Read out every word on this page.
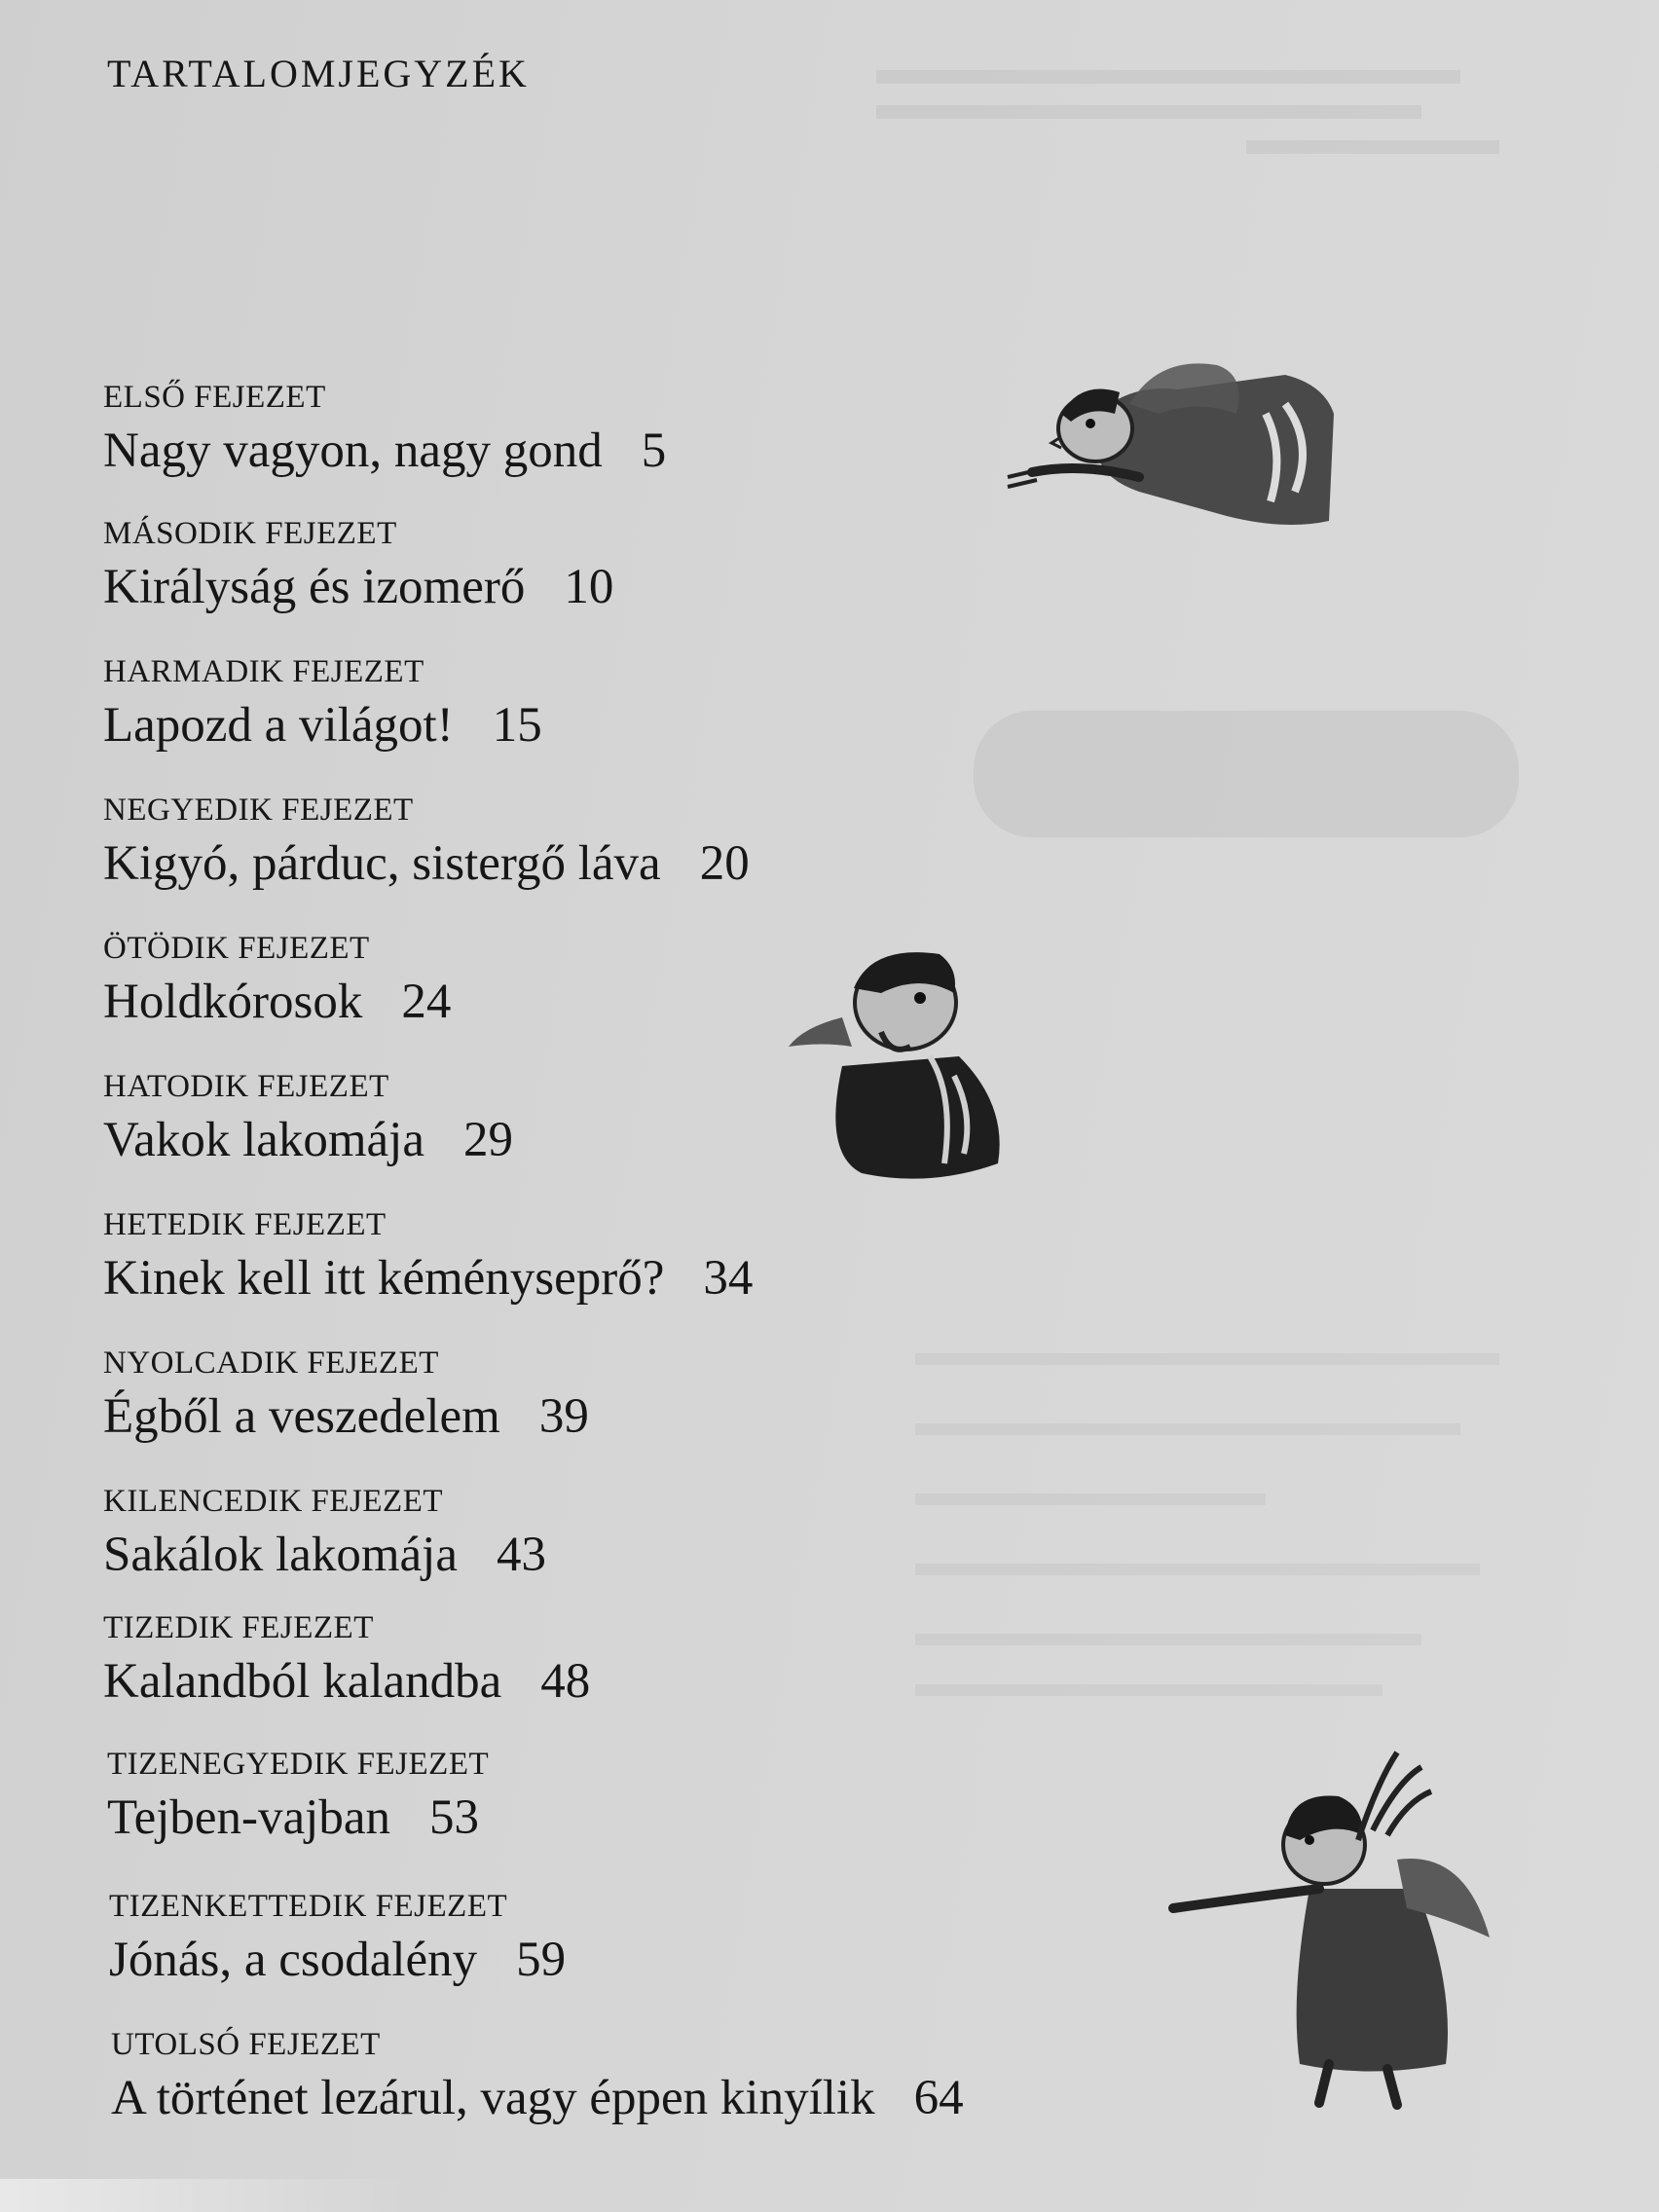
TARTALOMJEGYZÉK
ELSŐ FEJEZET
Nagy vagyon, nagy gond 5
MÁSODIK FEJEZET
Királyság és izomerő 10
HARMADIK FEJEZET
Lapozd a világot! 15
NEGYEDIK FEJEZET
Kigyó, párduc, sistergő láva 20
ÖTÖDIK FEJEZET
Holdkórosok 24
HATODIK FEJEZET
Vakok lakomája 29
HETEDIK FEJEZET
Kinek kell itt kéményseprő? 34
NYOLCADIK FEJEZET
Égből a veszedelem 39
KILENCEDIK FEJEZET
Sakálok lakomája 43
TIZEDIK FEJEZET
Kalandból kalandba 48
TIZENEGYEDIK FEJEZET
Tejben-vajban 53
TIZENKETTEDIK FEJEZET
Jónás, a csodalény 59
UTOLSÓ FEJEZET
A történet lezárul, vagy éppen kinyílik 64
